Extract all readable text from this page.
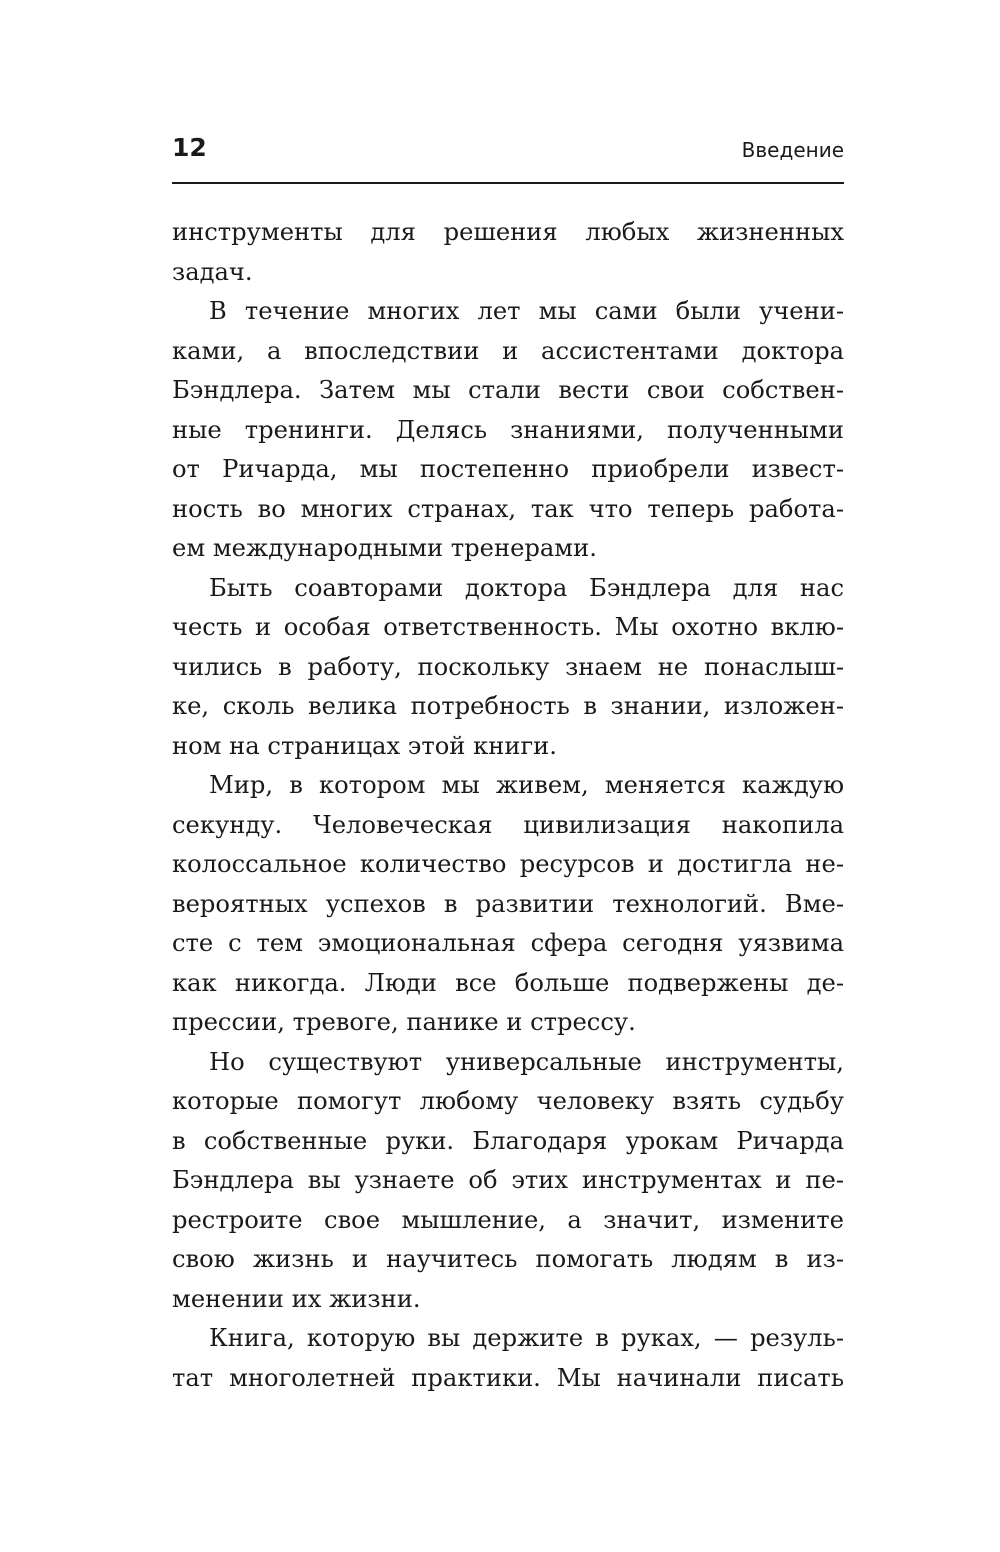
12	Введение
инструменты для решения любых жизненных
задач.
В течение многих лет мы сами были учени-
ками, а впоследствии и ассистентами доктора
Бэндлера. Затем мы стали вести свои собствен-
ные тренинги. Делясь знаниями, полученными
от Ричарда, мы постепенно приобрели извест-
ность во многих странах, так что теперь работа-
ем международными тренерами.
Быть соавторами доктора Бэндлера для нас
честь и особая ответственность. Мы охотно вклю-
чились в работу, поскольку знаем не понаслыш-
ке, сколь велика потребность в знании, изложен-
ном на страницах этой книги.
Мир, в котором мы живем, меняется каждую
секунду. Человеческая цивилизация накопила
колоссальное количество ресурсов и достигла не-
вероятных успехов в развитии технологий. Вме-
сте с тем эмоциональная сфера сегодня уязвима
как никогда. Люди все больше подвержены де-
прессии, тревоге, панике и стрессу.
Но существуют универсальные инструменты,
которые помогут любому человеку взять судьбу
в собственные руки. Благодаря урокам Ричарда
Бэндлера вы узнаете об этих инструментах и пе-
рестроите свое мышление, а значит, измените
свою жизнь и научитесь помогать людям в из-
менении их жизни.
Книга, которую вы держите в руках, — резуль-
тат многолетней практики. Мы начинали писать
